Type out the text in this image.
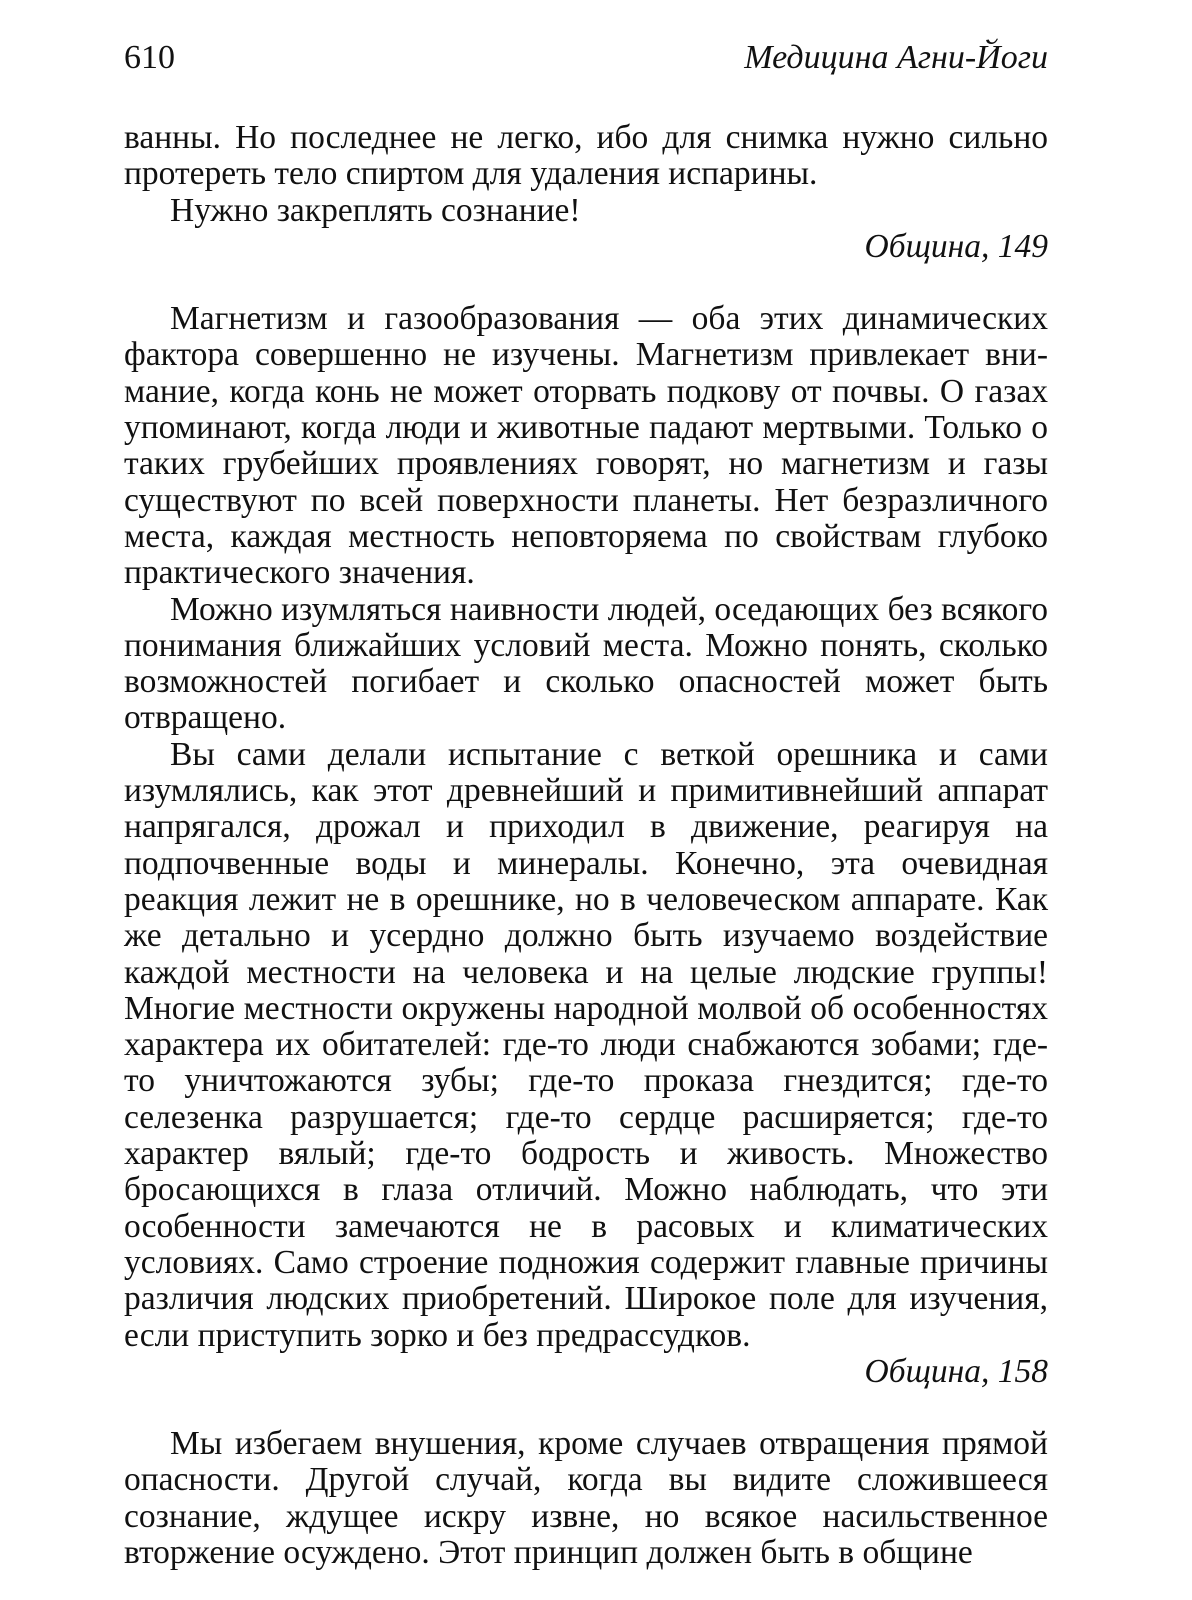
610	Медицина Агни-Йоги

ванны. Но последнее не легко, ибо для снимка нужно сильно протереть тело спиртом для удаления испарины.

Нужно закреплять сознание!

Община, 149

Магнетизм и газообразования — оба этих динамических фактора совершенно не изучены. Магнетизм привлекает внимание, когда конь не может оторвать подкову от почвы. О газах упоминают, когда люди и животные падают мертвыми. Только о таких грубейших проявлениях говорят, но магнетизм и газы существуют по всей поверхности планеты. Нет безразличного места, каждая местность неповторяема по свойствам глубоко практического значения.

Можно изумляться наивности людей, оседающих без всякого понимания ближайших условий места. Можно понять, сколько возможностей погибает и сколько опасностей может быть отвращено.

Вы сами делали испытание с веткой орешника и сами изумлялись, как этот древнейший и примитивнейший аппарат напрягался, дрожал и приходил в движение, реагируя на подпочвенные воды и минералы. Конечно, эта очевидная реакция лежит не в орешнике, но в человеческом аппарате. Как же детально и усердно должно быть изучаемо воздействие каждой местности на человека и на целые людские группы! Многие местности окружены народной молвой об особенностях характера их обитателей: где-то люди снабжаются зобами; где-то уничтожаются зубы; где-то проказа гнездится; где-то селезенка разрушается; где-то сердце расширяется; где-то характер вялый; где-то бодрость и живость. Множество бросающихся в глаза отличий. Можно наблюдать, что эти особенности замечаются не в расовых и климатических условиях. Само строение подножия содержит главные причины различия людских приобретений. Широкое поле для изучения, если приступить зорко и без предрассудков.

Община, 158

Мы избегаем внушения, кроме случаев отвращения прямой опасности. Другой случай, когда вы видите сложившееся сознание, ждущее искру извне, но всякое насильственное вторжение осуждено. Этот принцип должен быть в общине
